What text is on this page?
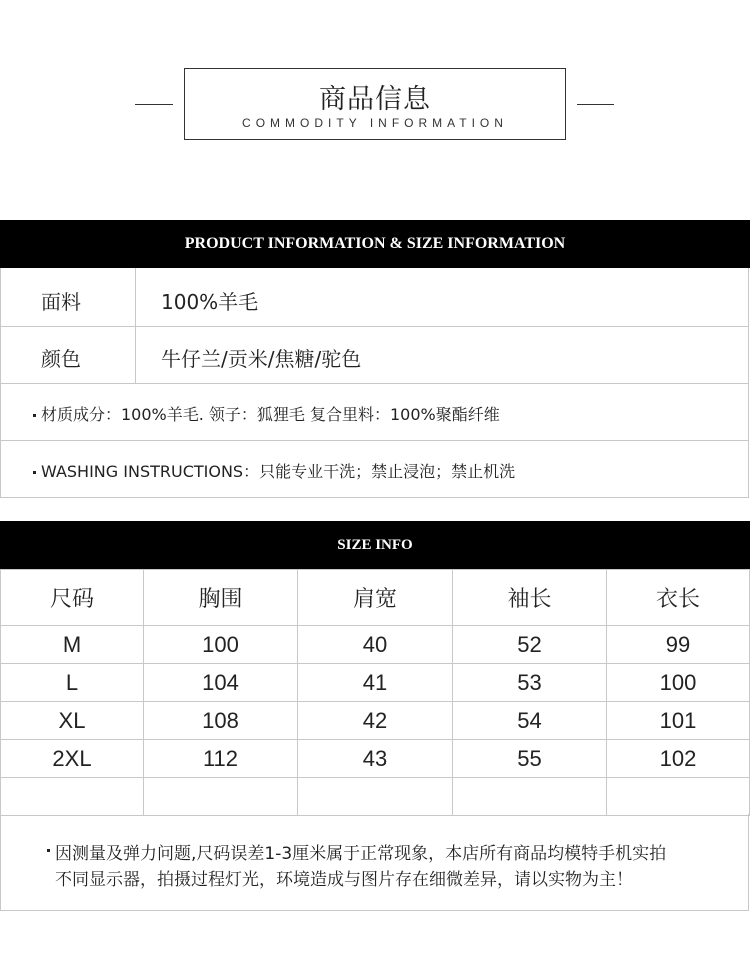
商品信息
COMMODITY INFORMATION
PRODUCT INFORMATION & SIZE INFORMATION
面料	100%羊毛
颜色	牛仔兰/贡米/焦糖/驼色
材质成分：100%羊毛. 领子：狐狸毛 复合里料：100%聚酯纤维
WASHING INSTRUCTIONS：只能专业干洗；禁止浸泡；禁止机洗
SIZE INFO
尺码	胸围	肩宽	袖长	衣长
M	100	40	52	99
L	104	41	53	100
XL	108	42	54	101
2XL	112	43	55	102

因测量及弹力问题,尺码误差1-3厘米属于正常现象，本店所有商品均模特手机实拍
不同显示器，拍摄过程灯光，环境造成与图片存在细微差异，请以实物为主！
